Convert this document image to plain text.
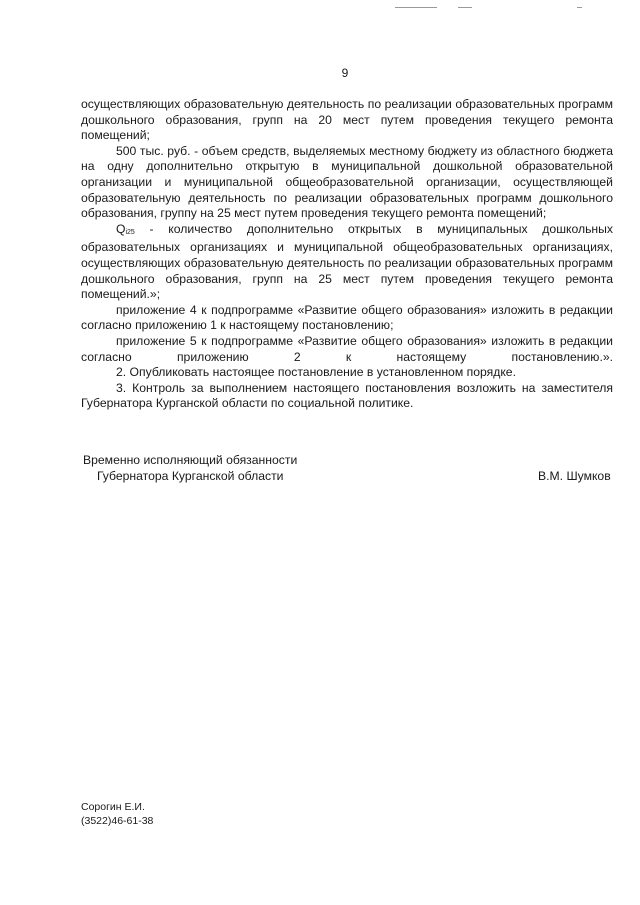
9

осуществляющих образовательную деятельность по реализации образовательных программ дошкольного образования, групп на 20 мест путем проведения текущего ремонта помещений;

500 тыс. руб. - объем средств, выделяемых местному бюджету из областного бюджета на одну дополнительно открытую в муниципальной дошкольной образовательной организации и муниципальной общеобразовательной организации, осуществляющей образовательную деятельность по реализации образовательных программ дошкольного образования, группу на 25 мест путем проведения текущего ремонта помещений;

Qi25 - количество дополнительно открытых в муниципальных дошкольных образовательных организациях и муниципальной общеобразовательных организациях, осуществляющих образовательную деятельность по реализации образовательных программ дошкольного образования, групп на 25 мест путем проведения текущего ремонта помещений.»;

приложение 4 к подпрограмме «Развитие общего образования» изложить в редакции согласно приложению 1 к настоящему постановлению;

приложение 5 к подпрограмме «Развитие общего образования» изложить в редакции согласно приложению 2 к настоящему постановлению.».

2. Опубликовать настоящее постановление в установленном порядке.

3. Контроль за выполнением настоящего постановления возложить на заместителя Губернатора Курганской области по социальной политике.

Временно исполняющий обязанности
Губернатора Курганской области	В.М. Шумков
Сорогин Е.И.
(3522)46-61-38
